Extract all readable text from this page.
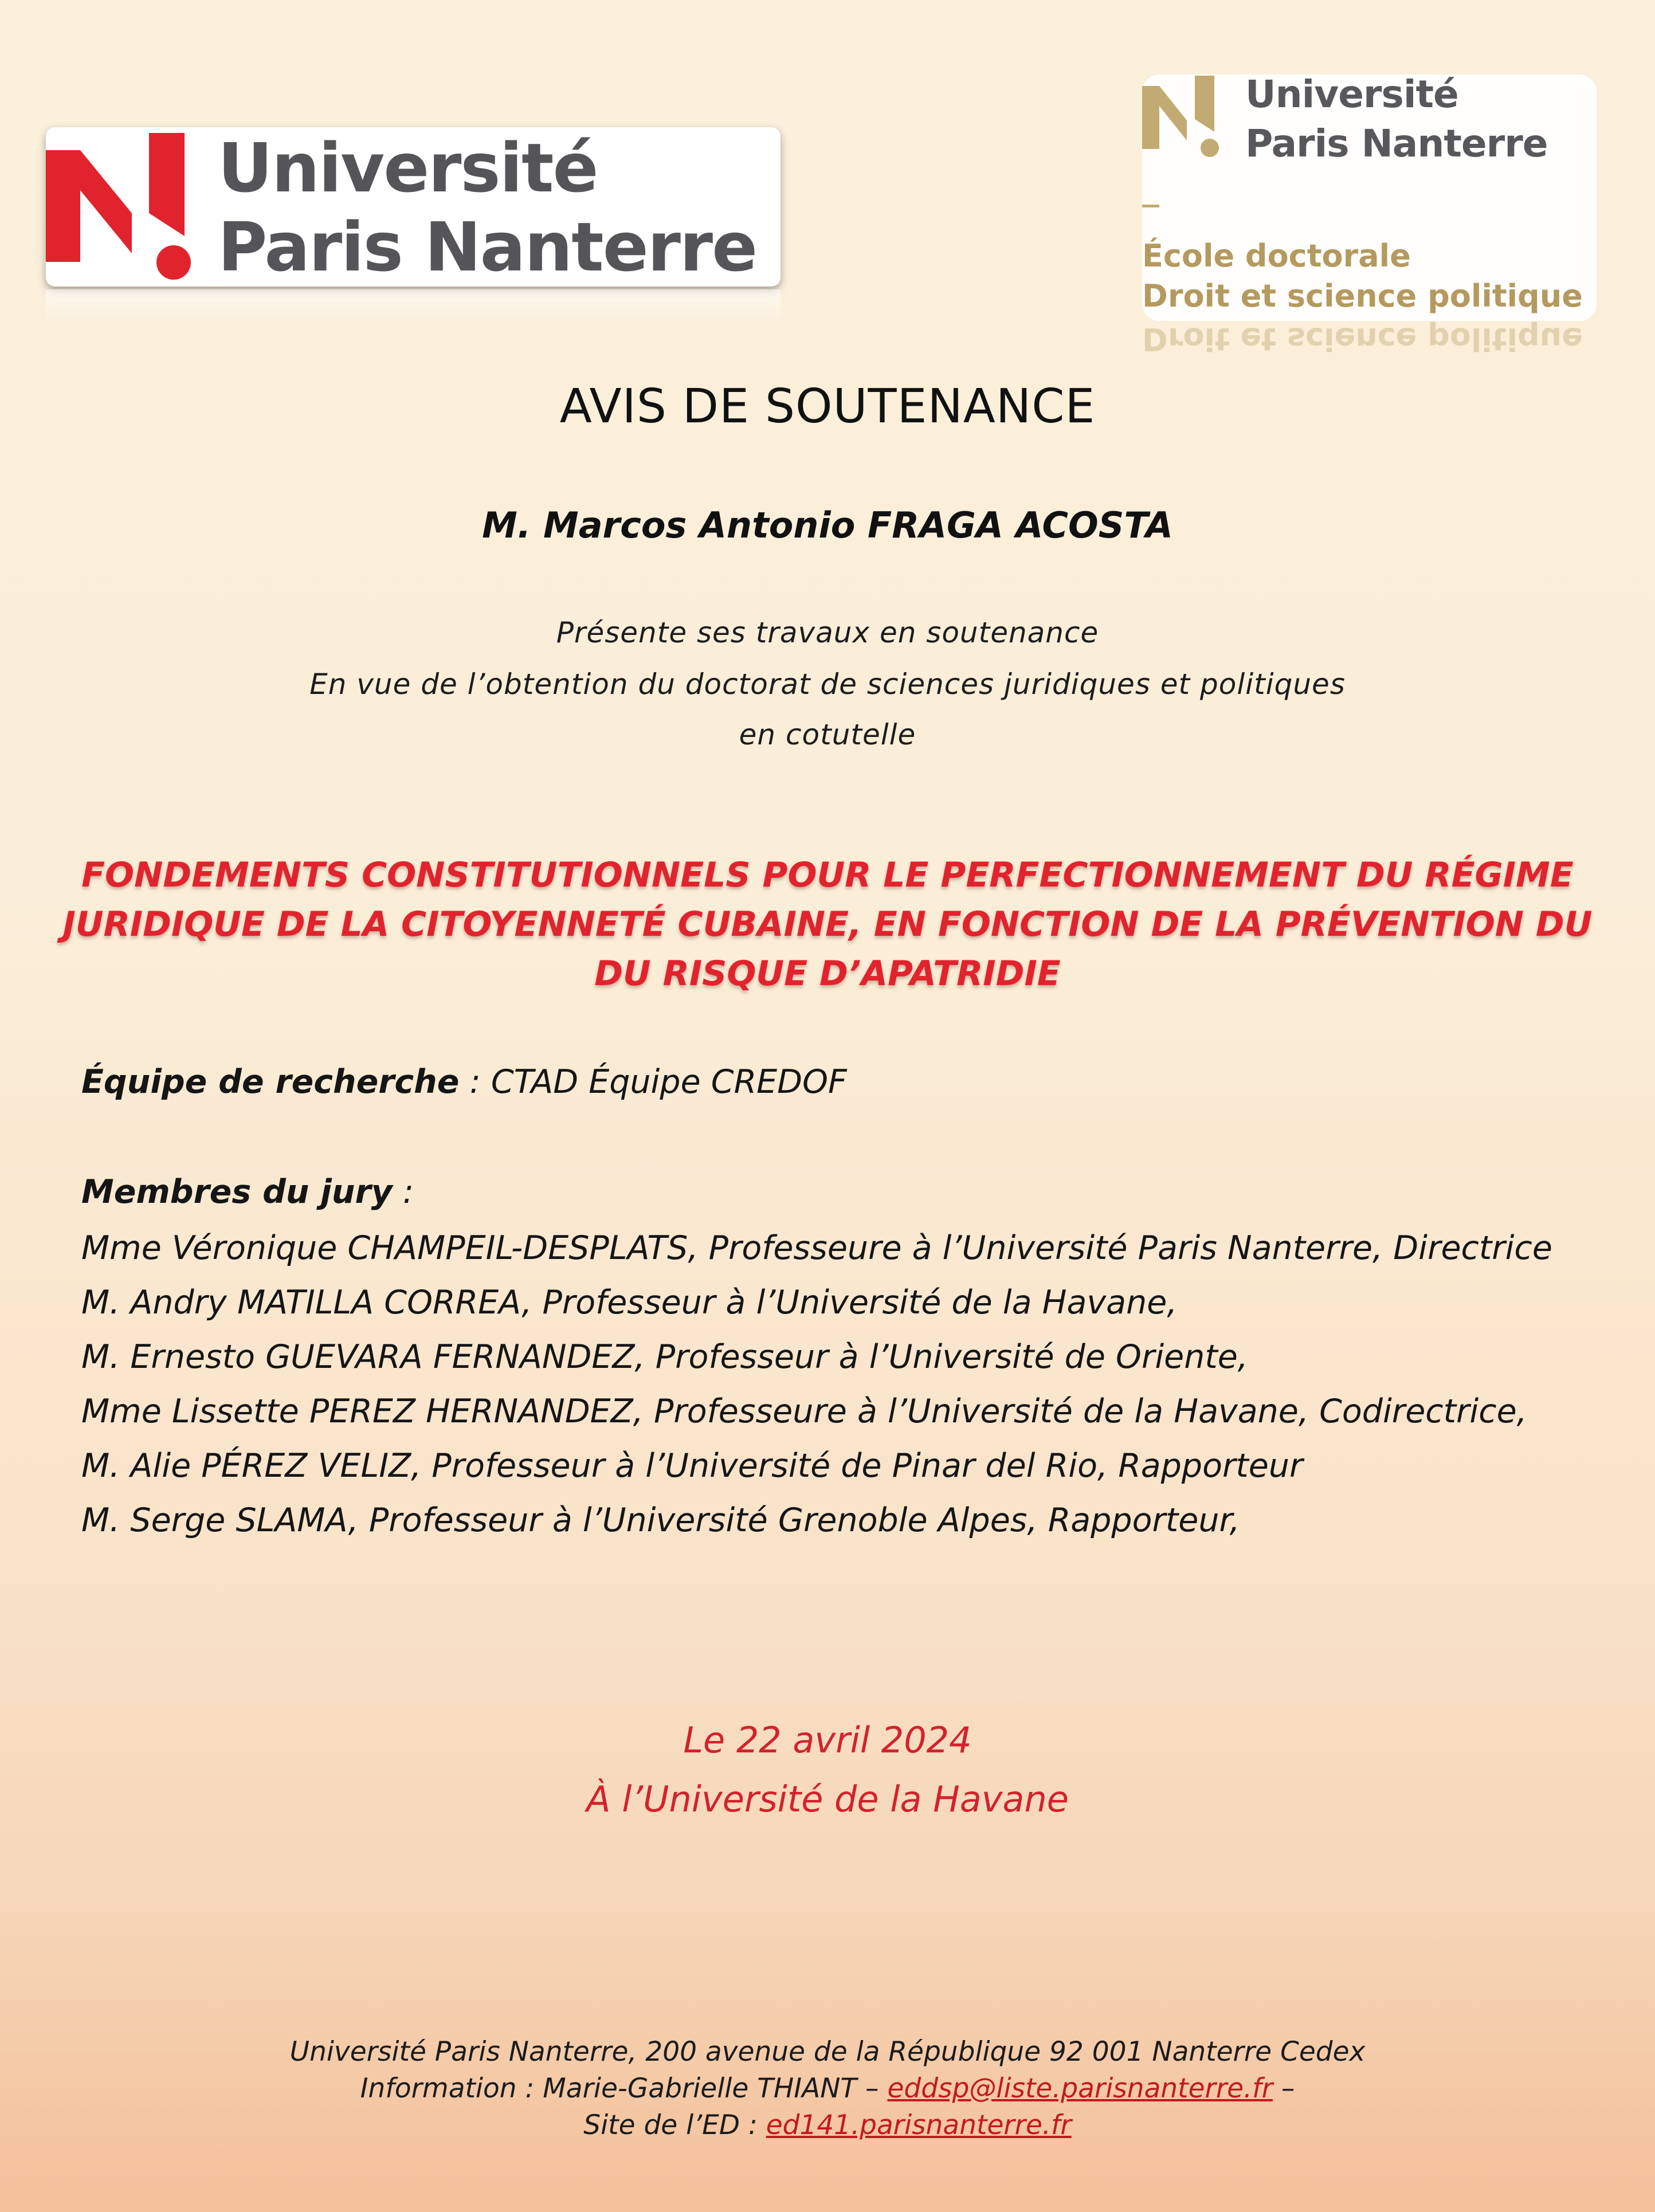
Université
Paris Nanterre
Université
Paris Nanterre
École doctorale
Droit et science politique
Droit et science politique
AVIS DE SOUTENANCE
M. Marcos Antonio FRAGA ACOSTA
Présente ses travaux en soutenance
En vue de l’obtention du doctorat de sciences juridiques et politiques
en cotutelle
FONDEMENTS CONSTITUTIONNELS POUR LE PERFECTIONNEMENT DU RÉGIME
JURIDIQUE DE LA CITOYENNETÉ CUBAINE, EN FONCTION DE LA PRÉVENTION DU
DU RISQUE D’APATRIDIE
Équipe de recherche : CTAD Équipe CREDOF
Membres du jury :
Mme Véronique CHAMPEIL-DESPLATS, Professeure à l’Université Paris Nanterre, Directrice
M. Andry MATILLA CORREA, Professeur à l’Université de la Havane,
M. Ernesto GUEVARA FERNANDEZ, Professeur à l’Université de Oriente,
Mme Lissette PEREZ HERNANDEZ, Professeure à l’Université de la Havane, Codirectrice,
M. Alie PÉREZ VELIZ, Professeur à l’Université de Pinar del Rio, Rapporteur
M. Serge SLAMA, Professeur à l’Université Grenoble Alpes, Rapporteur,
Le 22 avril 2024
À l’Université de la Havane
Université Paris Nanterre, 200 avenue de la République 92 001 Nanterre Cedex
Information : Marie-Gabrielle THIANT – eddsp@liste.parisnanterre.fr –
Site de l’ED : ed141.parisnanterre.fr
